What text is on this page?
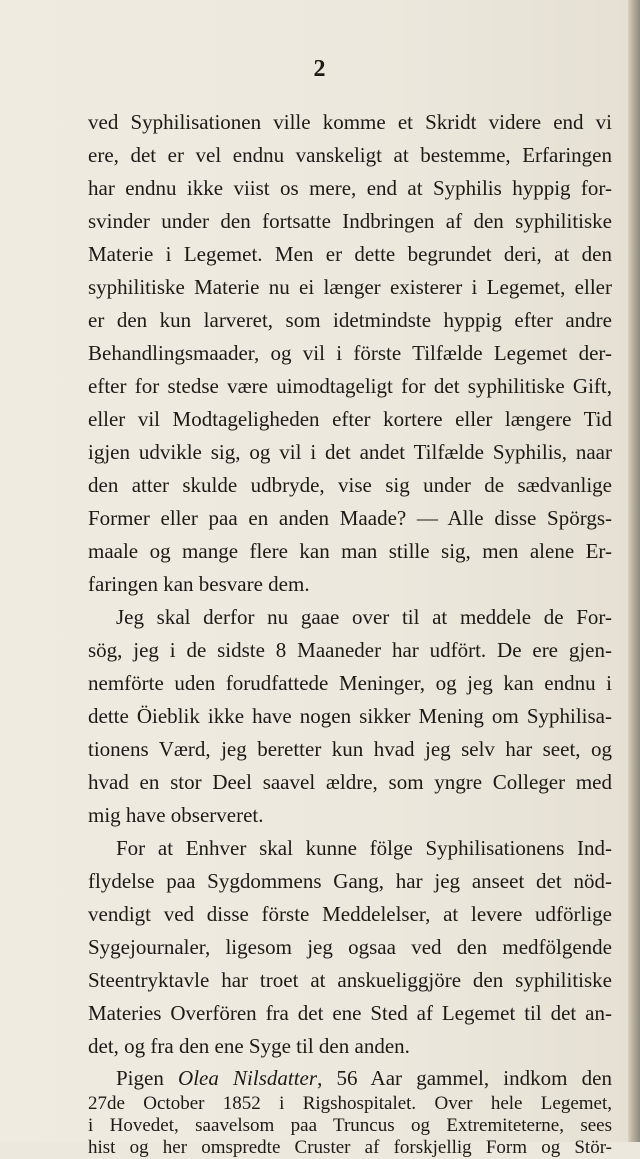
2
ved Syphilisationen ville komme et Skridt videre end vi
ere, det er vel endnu vanskeligt at bestemme, Erfaringen
har endnu ikke viist os mere, end at Syphilis hyppig for-
svinder under den fortsatte Indbringen af den syphilitiske
Materie i Legemet. Men er dette begrundet deri, at den
syphilitiske Materie nu ei længer existerer i Legemet, eller
er den kun larveret, som idetmindste hyppig efter andre
Behandlingsmaader, og vil i förste Tilfælde Legemet der-
efter for stedse være uimodtageligt for det syphilitiske Gift,
eller vil Modtageligheden efter kortere eller længere Tid
igjen udvikle sig, og vil i det andet Tilfælde Syphilis, naar
den atter skulde udbryde, vise sig under de sædvanlige
Former eller paa en anden Maade? — Alle disse Spörgs-
maale og mange flere kan man stille sig, men alene Er-
faringen kan besvare dem.
Jeg skal derfor nu gaae over til at meddele de For-
sög, jeg i de sidste 8 Maaneder har udfört. De ere gjen-
nemförte uden forudfattede Meninger, og jeg kan endnu i
dette Öieblik ikke have nogen sikker Mening om Syphilisa-
tionens Værd, jeg beretter kun hvad jeg selv har seet, og
hvad en stor Deel saavel ældre, som yngre Colleger med
mig have observeret.
For at Enhver skal kunne fölge Syphilisationens Ind-
flydelse paa Sygdommens Gang, har jeg anseet det nöd-
vendigt ved disse förste Meddelelser, at levere udförlige
Sygejournaler, ligesom jeg ogsaa ved den medfölgende
Steentryktavle har troet at anskueliggjöre den syphilitiske
Materies Overfören fra det ene Sted af Legemet til det an-
det, og fra den ene Syge til den anden.
Pigen Olea Nilsdatter, 56 Aar gammel, indkom den
27de October 1852 i Rigshospitalet. Over hele Legemet,
i Hovedet, saavelsom paa Truncus og Extremiteterne, sees
hist og her omspredte Cruster af forskjellig Form og Stör-
